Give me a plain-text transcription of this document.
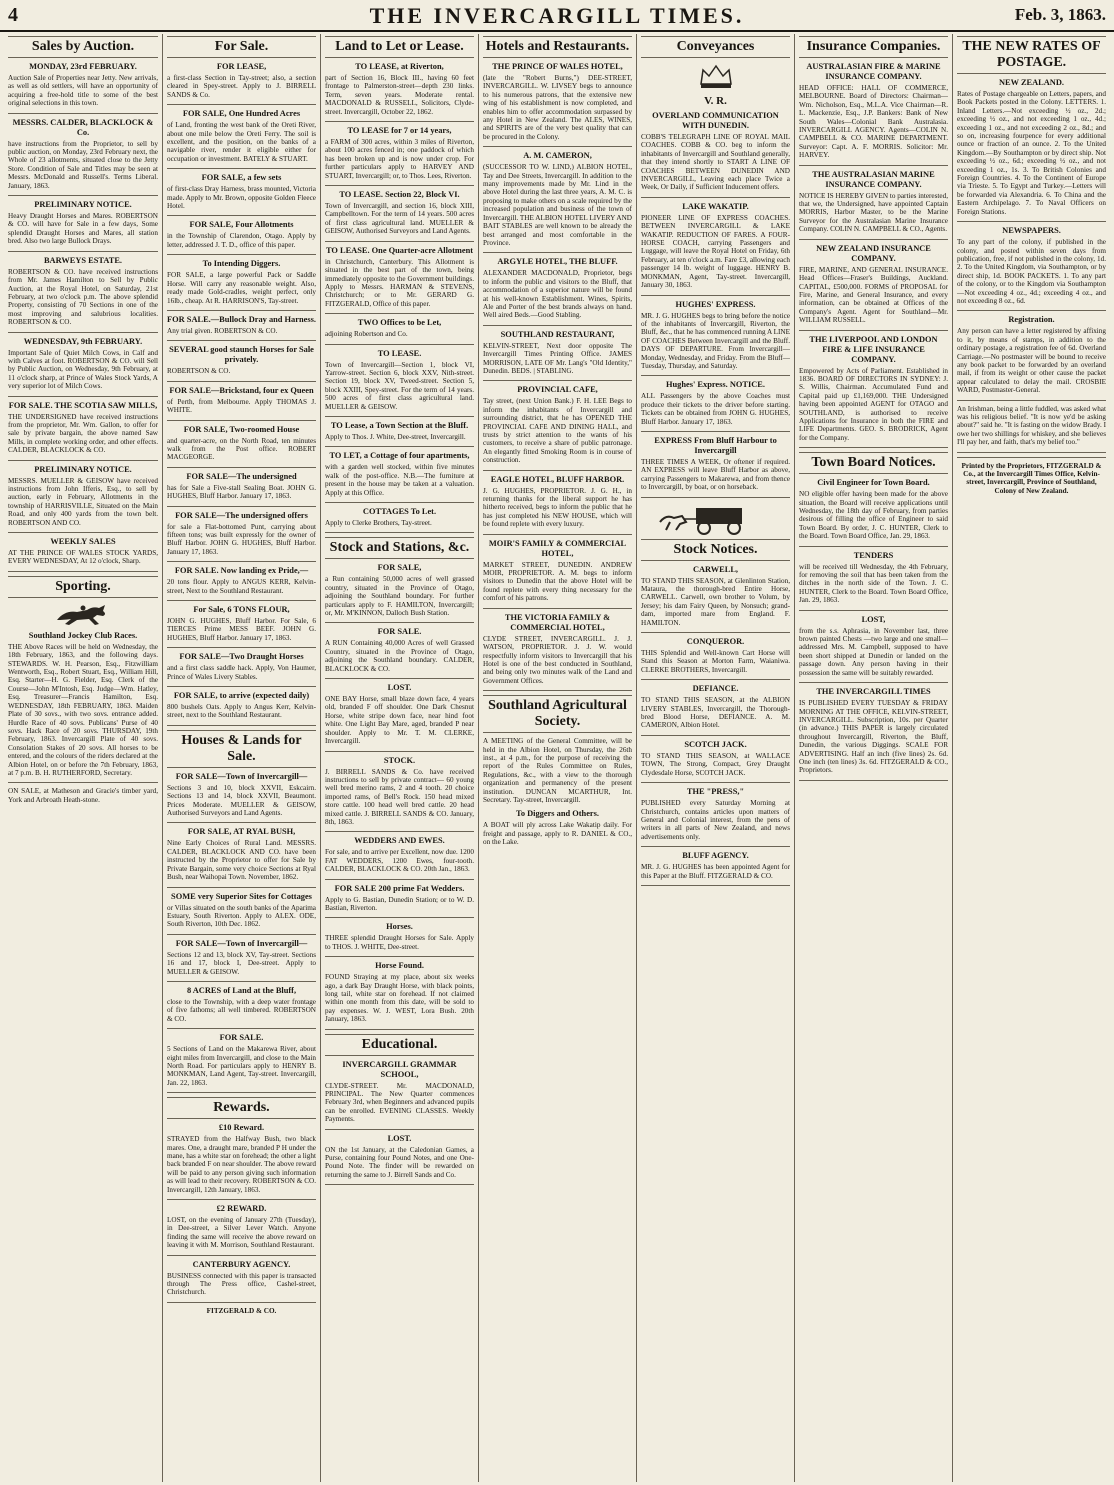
4	THE INVERCARGILL TIMES.	Feb. 3, 1863.
Sales by Auction.
MONDAY, 23rd FEBRUARY.

Auction Sale of Properties near Jetty. New arrivals, as well as old settlers, will have an opportunity of acquiring a free-hold title to some of the best original selections in this town.

MESSRS. CALDER, BLACKLOCK & Co.

have instructions from the Proprietor, to sell by public auction, on Monday, 23rd February next, the Whole of 23 allotments, situated close to the Jetty Store. Condition of Sale and Titles may be seen at Messrs. McDonald and Russell's. Terms Liberal. January, 1863.

PRELIMINARY NOTICE.

Heavy Draught Horses and Mares. ROBERTSON & CO. will have for Sale in a few days, Some splendid Draught Horses and Mares, all station bred. Also two large Bullock Drays.

BARWEYS ESTATE.

ROBERTSON & CO. have received instructions from Mr. James Hamilton to Sell by Public Auction, at the Royal Hotel, on Saturday, 21st February, at two o'clock p.m. The above splendid Property, consisting of 70 Sections in one of the most improving and salubrious localities. ROBERTSON & CO.

WEDNESDAY, 9th FEBRUARY.

Important Sale of Quiet Milch Cows, in Calf and with Calves at foot. ROBERTSON & CO. will Sell by Public Auction, on Wednesday, 9th February, at 11 o'clock sharp, at Prince of Wales Stock Yards, A very superior lot of Milch Cows.

FOR SALE. THE SCOTIA SAW MILLS,

THE UNDERSIGNED have received instructions from the proprietor, Mr. Wm. Gallon, to offer for sale by private bargain, the above named Saw Mills, in complete working order, and other effects. CALDER, BLACKLOCK & CO.

PRELIMINARY NOTICE.

MESSRS. MUELLER & GEISOW have received instructions from John Ifferis, Esq., to sell by auction, early in February, Allotments in the township of HARRISVILLE, Situated on the Main Road, and only 400 yards from the town belt. ROBERTSON AND CO.

WEEKLY SALES

AT THE PRINCE OF WALES STOCK YARDS, EVERY WEDNESDAY, At 12 o'clock, Sharp.

Sporting.
Southland Jockey Club Races.

THE Above Races will be held on Wednesday, the 18th February, 1863, and the following days. STEWARDS. W. H. Pearson, Esq., Fitzwilliam Wentworth, Esq., Robert Stuart, Esq., William Hill, Esq. Starter—H. G. Fielder, Esq. Clerk of the Course—John M'Intosh, Esq. Judge—Wm. Hatley, Esq. Treasurer—Francis Hamilton, Esq. WEDNESDAY, 18th FEBRUARY, 1863. Maiden Plate of 30 sovs., with two sovs. entrance added. Hurdle Race of 40 sovs. Publicans' Purse of 40 sovs. Hack Race of 20 sovs. THURSDAY, 19th February, 1863. Invercargill Plate of 40 sovs. Consolation Stakes of 20 sovs. All horses to be entered, and the colours of the riders declared at the Albion Hotel, on or before the 7th February, 1863, at 7 p.m. B. H. RUTHERFORD, Secretary.

ON SALE, at Matheson and Gracie's timber yard, York and Arbroath Heath-stone.

For Sale.
FOR LEASE,

a first-class Section in Tay-street; also, a section cleared in Spey-street. Apply to J. BIRRELL SANDS & Co.

FOR SALE, One Hundred Acres

of Land, fronting the west bank of the Oreti River, about one mile below the Oreti Ferry. The soil is excellent, and the position, on the banks of a navigable river, render it eligible either for occupation or investment. BATELY & STUART.

FOR SALE, a few sets

of first-class Dray Harness, brass mounted, Victoria made. Apply to Mr. Brown, opposite Golden Fleece Hotel.

FOR SALE, Four Allotments

in the Township of Clarendon, Otago. Apply by letter, addressed J. T. D., office of this paper.

To Intending Diggers.

FOR SALE, a large powerful Pack or Saddle Horse. Will carry any reasonable weight. Also, ready made Gold-cradles, weight perfect, only 16lb., cheap. At R. HARRISON'S, Tay-street.

FOR SALE.—Bullock Dray and Harness.

Any trial given. ROBERTSON & CO.

SEVERAL good staunch Horses for Sale privately.

ROBERTSON & CO.

FOR SALE—Brickstand, four ex Queen

of Perth, from Melbourne. Apply THOMAS J. WHITE.

FOR SALE, Two-roomed House

and quarter-acre, on the North Road, ten minutes walk from the Post office. ROBERT MACGEORGE.

FOR SALE—The undersigned

has for Sale a Five-stall Sealing Boat. JOHN G. HUGHES, Bluff Harbor. January 17, 1863.

FOR SALE—The undersigned offers

for sale a Flat-bottomed Punt, carrying about fifteen tons; was built expressly for the owner of Bluff Harbor. JOHN G. HUGHES, Bluff Harbor. January 17, 1863.

FOR SALE. Now landing ex Pride,—

20 tons flour. Apply to ANGUS KERR, Kelvin-street, Next to the Southland Restaurant.

For Sale, 6 TONS FLOUR,

JOHN G. HUGHES, Bluff Harbor. For Sale, 6 TIERCES Prime MESS BEEF. JOHN G. HUGHES, Bluff Harbor. January 17, 1863.

FOR SALE—Two Draught Horses

and a first class saddle hack. Apply, Von Haumer, Prince of Wales Livery Stables.

FOR SALE, to arrive (expected daily)

800 bushels Oats. Apply to Angus Kerr, Kelvin-street, next to the Southland Restaurant.

Houses & Lands for Sale.
FOR SALE—Town of Invercargill—

Sections 3 and 10, block XXVII, Eskcairn. Sections 13 and 14, block XXVII, Beaumont. Prices Moderate. MUELLER & GEISOW, Authorised Surveyors and Land Agents.

FOR SALE, AT RYAL BUSH,

Nine Early Choices of Rural Land. MESSRS. CALDER, BLACKLOCK AND CO. have been instructed by the Proprietor to offer for Sale by Private Bargain, some very choice Sections at Ryal Bush, near Waihopai Town. November, 1862.

SOME very Superior Sites for Cottages

or Villas situated on the south banks of the Aparima Estuary, South Riverton. Apply to ALEX. ODE, South Riverton, 10th Dec. 1862.

FOR SALE—Town of Invercargill—

Sections 12 and 13, block XV, Tay-street. Sections 16 and 17, block I, Dee-street. Apply to MUELLER & GEISOW.

8 ACRES of Land at the Bluff,

close to the Township, with a deep water frontage of five fathoms; all well timbered. ROBERTSON & CO.

FOR SALE.

5 Sections of Land on the Makarewa River, about eight miles from Invercargill, and close to the Main North Road. For particulars apply to HENRY B. MONKMAN, Land Agent, Tay-street. Invercargill, Jan. 22, 1863.

Rewards.
£10 Reward.

STRAYED from the Halfway Bush, two black mares. One, a draught mare, branded P H under the mane, has a white star on forehead; the other a light back branded F on near shoulder. The above reward will be paid to any person giving such information as will lead to their recovery. ROBERTSON & CO. Invercargill, 12th January, 1863.

£2 REWARD.

LOST, on the evening of January 27th (Tuesday), in Dee-street, a Silver Lever Watch. Anyone finding the same will receive the above reward on leaving it with M. Morrison, Southland Restaurant.

CANTERBURY AGENCY.

BUSINESS connected with this paper is transacted through The Press office, Cashel-street, Christchurch.

FITZGERALD & CO.
Land to Let or Lease.
TO LEASE, at Riverton,

part of Section 16, Block III., having 60 feet frontage to Palmerston-street—depth 230 links. Term, seven years. Moderate rental. MACDONALD & RUSSELL, Solicitors, Clyde-street. Invercargill, October 22, 1862.

TO LEASE for 7 or 14 years,

a FARM of 300 acres, within 3 miles of Riverton, about 100 acres fenced in; one paddock of which has been broken up and is now under crop. For further particulars apply to HARVEY AND STUART, Invercargill; or, to Thos. Lees, Riverton.

TO LEASE. Section 22, Block VI.

Town of Invercargill, and section 16, block XIII, Campbelltown. For the term of 14 years. 500 acres of first class agricultural land. MUELLER & GEISOW, Authorised Surveyors and Land Agents.

TO LEASE. One Quarter-acre Allotment

in Christchurch, Canterbury. This Allotment is situated in the best part of the town, being immediately opposite to the Government buildings. Apply to Messrs. HARMAN & STEVENS, Christchurch; or to Mr. GERARD G. FITZGERALD, Office of this paper.

TWO Offices to be Let,

adjoining Robertson and Co.

TO LEASE.

Town of Invercargill—Section 1, block VI, Yarrow-street. Section 6, block XXV, Nith-street. Section 19, block XV, Tweed-street. Section 5, block XXIII, Spey-street. For the term of 14 years. 500 acres of first class agricultural land. MUELLER & GEISOW.

TO Lease, a Town Section at the Bluff.

Apply to Thos. J. White, Dee-street, Invercargill.

TO LET, a Cottage of four apartments,

with a garden well stocked, within five minutes walk of the post-office. N.B.—The furniture at present in the house may be taken at a valuation. Apply at this Office.

COTTAGES To Let.

Apply to Clerke Brothers, Tay-street.

Stock and Stations, &c.
FOR SALE,

a Run containing 50,000 acres of well grassed country, situated in the Province of Otago, adjoining the Southland boundary. For further particulars apply to F. HAMILTON, Invercargill; or, Mr. M'KINNON, Dalloch Bush Station.

FOR SALE.

A RUN Containing 40,000 Acres of well Grassed Country, situated in the Province of Otago, adjoining the Southland boundary. CALDER, BLACKLOCK & CO.

LOST.

ONE BAY Horse, small blaze down face, 4 years old, branded F off shoulder. One Dark Chesnut Horse, white stripe down face, near hind foot white. One Light Bay Mare, aged, branded P near shoulder. Apply to Mr. T. M. CLERKE, Invercargill.

STOCK.

J. BIRRELL SANDS & Co. have received instructions to sell by private contract— 60 young well bred merino rams, 2 and 4 tooth. 20 choice imported rams, of Bell's Rock. 150 head mixed store cattle. 100 head well bred cattle. 20 head mixed cattle. J. BIRRELL SANDS & CO. January, 8th, 1863.

WEDDERS AND EWES.

For sale, and to arrive per Excellent, now due. 1200 FAT WEDDERS, 1200 Ewes, four-tooth. CALDER, BLACKLOCK & CO. 20th Jan., 1863.

FOR SALE 200 prime Fat Wedders.

Apply to G. Bastian, Dunedin Station; or to W. D. Bastian, Riverton.

Horses.

THREE splendid Draught Horses for Sale. Apply to THOS. J. WHITE, Dee-street.

Horse Found.

FOUND Straying at my place, about six weeks ago, a dark Bay Draught Horse, with black points, long tail, white star on forehead. If not claimed within one month from this date, will be sold to pay expenses. W. J. WEST, Lora Bush. 20th January, 1863.

Educational.
INVERCARGILL GRAMMAR SCHOOL,

CLYDE-STREET. Mr. MACDONALD, PRINCIPAL. The New Quarter commences February 3rd, when Beginners and advanced pupils can be enrolled. EVENING CLASSES. Weekly Payments.

LOST.

ON the 1st January, at the Caledonian Games, a Purse, containing four Pound Notes, and one One-Pound Note. The finder will be rewarded on returning the same to J. Birrell Sands and Co.

Hotels and Restaurants.
THE PRINCE OF WALES HOTEL,

(late the "Robert Burns,") DEE-STREET, INVERCARGILL. W. LIVSEY begs to announce to his numerous patrons, that the extensive new wing of his establishment is now completed, and enables him to offer accommodation surpassed by any Hotel in New Zealand. The ALES, WINES, and SPIRITS are of the very best quality that can be procured in the Colony.

A. M. CAMERON,

(SUCCESSOR TO W. LIND,) ALBION HOTEL, Tay and Dee Streets, Invercargill. In addition to the many improvements made by Mr. Lind in the above Hotel during the last three years, A. M. C. is proposing to make others on a scale required by the increased population and business of the town of Invercargill. THE ALBION HOTEL LIVERY AND BAIT STABLES are well known to be already the best arranged and most comfortable in the Province.

ARGYLE HOTEL, THE BLUFF.

ALEXANDER MACDONALD, Proprietor, begs to inform the public and visitors to the Bluff, that accommodation of a superior nature will be found at his well-known Establishment. Wines, Spirits, Ale and Porter of the best brands always on hand. Well aired Beds.—Good Stabling.

SOUTHLAND RESTAURANT,

KELVIN-STREET, Next door opposite The Invercargill Times Printing Office. JAMES MORRISON, LATE OF Mr. Lang's "Old Identity," Dunedin. BEDS. | STABLING.

PROVINCIAL CAFE,

Tay street, (next Union Bank.) F. H. LEE Begs to inform the inhabitants of Invercargill and surrounding district, that he has OPENED THE PROVINCIAL CAFE AND DINING HALL, and trusts by strict attention to the wants of his customers, to receive a share of public patronage. An elegantly fitted Smoking Room is in course of construction.

EAGLE HOTEL, BLUFF HARBOR.

J. G. HUGHES, PROPRIETOR. J. G. H., in returning thanks for the liberal support he has hitherto received, begs to inform the public that he has just completed his NEW HOUSE, which will be found replete with every luxury.

MOIR'S FAMILY & COMMERCIAL HOTEL,

MARKET STREET, DUNEDIN. ANDREW MOIR, PROPRIETOR. A. M. begs to inform visitors to Dunedin that the above Hotel will be found replete with every thing necessary for the comfort of his patrons.

THE VICTORIA FAMILY & COMMERCIAL HOTEL,

CLYDE STREET, INVERCARGILL. J. J. WATSON, PROPRIETOR. J. J. W. would respectfully inform visitors to Invercargill that his Hotel is one of the best conducted in Southland, and being only two minutes walk of the Land and Government Offices.

Southland Agricultural Society.

A MEETING of the General Committee, will be held in the Albion Hotel, on Thursday, the 26th inst., at 4 p.m., for the purpose of receiving the report of the Rules Committee on Rules, Regulations, &c., with a view to the thorough organization and permanency of the present institution. DUNCAN MCARTHUR, Int. Secretary. Tay-street, Invercargill.

To Diggers and Others.

A BOAT will ply across Lake Wakatip daily. For freight and passage, apply to R. DANIEL & CO., on the Lake.

Conveyances
V. R.
OVERLAND COMMUNICATION WITH DUNEDIN.

COBB'S TELEGRAPH LINE OF ROYAL MAIL COACHES. COBB & CO. beg to inform the inhabitants of Invercargill and Southland generally, that they intend shortly to START A LINE OF COACHES BETWEEN DUNEDIN AND INVERCARGILL, Leaving each place Twice a Week, Or Daily, if Sufficient Inducement offers.

LAKE WAKATIP.

PIONEER LINE OF EXPRESS COACHES. BETWEEN INVERCARGILL & LAKE WAKATIP. REDUCTION OF FARES. A FOUR-HORSE COACH, carrying Passengers and Luggage, will leave the Royal Hotel on Friday, 6th February, at ten o'clock a.m. Fare £3, allowing each passenger 14 lb. weight of luggage. HENRY B. MONKMAN, Agent, Tay-street. Invercargill, January 30, 1863.

HUGHES' EXPRESS.

MR. J. G. HUGHES begs to bring before the notice of the inhabitants of Invercargill, Riverton, the Bluff, &c., that he has commenced running A LINE OF COACHES Between Invercargill and the Bluff. DAYS OF DEPARTURE. From Invercargill—Monday, Wednesday, and Friday. From the Bluff—Tuesday, Thursday, and Saturday.

Hughes' Express. NOTICE.

ALL Passengers by the above Coaches must produce their tickets to the driver before starting. Tickets can be obtained from JOHN G. HUGHES, Bluff Harbor. January 17, 1863.

EXPRESS From Bluff Harbour to Invercargill

THREE TIMES A WEEK, Or oftener if required. AN EXPRESS will leave Bluff Harbor as above, carrying Passengers to Makarewa, and from thence to Invercargill, by boat, or on horseback.

Stock Notices.
CARWELL,

TO STAND THIS SEASON, at Glenlinton Station, Mataura, the thorough-bred Entire Horse, CARWELL. Carwell, own brother to Volum, by Jersey; his dam Fairy Queen, by Nonsuch; grand-dam, imported mare from England. F. HAMILTON.

CONQUEROR.

THIS Splendid and Well-known Cart Horse will Stand this Season at Morton Farm, Waianiwa. CLERKE BROTHERS, Invercargill.

DEFIANCE.

TO STAND THIS SEASON, at the ALBION LIVERY STABLES, Invercargill, the Thorough-bred Blood Horse, DEFIANCE. A. M. CAMERON, Albion Hotel.

SCOTCH JACK.

TO STAND THIS SEASON, at WALLACE TOWN, The Strong, Compact, Grey Draught Clydesdale Horse, SCOTCH JACK.

THE "PRESS,"

PUBLISHED every Saturday Morning at Christchurch, contains articles upon matters of General and Colonial interest, from the pens of writers in all parts of New Zealand, and news advertisements only.

BLUFF AGENCY.

MR. J. G. HUGHES has been appointed Agent for this Paper at the Bluff. FITZGERALD & CO.

Insurance Companies.
AUSTRALASIAN FIRE & MARINE INSURANCE COMPANY.

HEAD OFFICE: HALL OF COMMERCE, MELBOURNE. Board of Directors: Chairman—Wm. Nicholson, Esq., M.L.A. Vice Chairman—R. L. Mackenzie, Esq., J.P. Bankers: Bank of New South Wales—Colonial Bank Australasia. INVERCARGILL AGENCY. Agents—COLIN N. CAMPBELL & CO. MARINE DEPARTMENT. Surveyor: Capt. A. F. MORRIS. Solicitor: Mr. HARVEY.

THE AUSTRALASIAN MARINE INSURANCE COMPANY.

NOTICE IS HEREBY GIVEN to parties interested, that we, the Undersigned, have appointed Captain MORRIS, Harbor Master, to be the Marine Surveyor for the Australasian Marine Insurance Company. COLIN N. CAMPBELL & CO., Agents.

NEW ZEALAND INSURANCE COMPANY.

FIRE, MARINE, AND GENERAL INSURANCE. Head Offices—Fraser's Buildings, Auckland. CAPITAL, £500,000. FORMS of PROPOSAL for Fire, Marine, and General Insurance, and every information, can be obtained at Offices of the Company's Agent. Agent for Southland—Mr. WILLIAM RUSSELL.

THE LIVERPOOL AND LONDON FIRE & LIFE INSURANCE COMPANY.

Empowered by Acts of Parliament. Established in 1836. BOARD OF DIRECTORS IN SYDNEY: J. S. Willis, Chairman. Accumulated Fund and Capital paid up £1,169,000. THE Undersigned having been appointed AGENT for OTAGO and SOUTHLAND, is authorised to receive Applications for Insurance in both the FIRE and LIFE Departments. GEO. S. BRODRICK, Agent for the Company.

Town Board Notices.
Civil Engineer for Town Board.

NO eligible offer having been made for the above situation, the Board will receive applications until Wednesday, the 18th day of February, from parties desirous of filling the office of Engineer to said Town Board. By order, J. C. HUNTER, Clerk to the Board. Town Board Office, Jan. 29, 1863.

TENDERS

will be received till Wednesday, the 4th February, for removing the soil that has been taken from the ditches in the north side of the Town. J. C. HUNTER, Clerk to the Board. Town Board Office, Jan. 29, 1863.

LOST,

from the s.s. Aphrasia, in November last, three brown painted Chests —two large and one small—addressed Mrs. M. Campbell, supposed to have been short shipped at Dunedin or landed on the passage down. Any person having in their possession the same will be suitably rewarded.

THE INVERCARGILL TIMES

IS PUBLISHED EVERY TUESDAY & FRIDAY MORNING AT THE OFFICE, KELVIN-STREET, INVERCARGILL. Subscription, 10s. per Quarter (in advance.) THIS PAPER is largely circulated throughout Invercargill, Riverton, the Bluff, Dunedin, the various Diggings. SCALE FOR ADVERTISING. Half an inch (five lines) 2s. 6d. One inch (ten lines) 3s. 6d. FITZGERALD & CO., Proprietors.

THE NEW RATES OF POSTAGE.
NEW ZEALAND.

Rates of Postage chargeable on Letters, papers, and Book Packets posted in the Colony. LETTERS. 1. Inland Letters.—Not exceeding ½ oz., 2d.; exceeding ½ oz., and not exceeding 1 oz., 4d.; exceeding 1 oz., and not exceeding 2 oz., 8d.; and so on, increasing fourpence for every additional ounce or fraction of an ounce. 2. To the United Kingdom.—By Southampton or by direct ship. Not exceeding ½ oz., 6d.; exceeding ½ oz., and not exceeding 1 oz., 1s. 3. To British Colonies and Foreign Countries. 4. To the Continent of Europe via Trieste. 5. To Egypt and Turkey.—Letters will be forwarded via Alexandria. 6. To China and the Eastern Archipelago. 7. To Naval Officers on Foreign Stations.

NEWSPAPERS.

To any part of the colony, if published in the colony, and posted within seven days from publication, free, if not published in the colony, 1d. 2. To the United Kingdom, via Southampton, or by direct ship, 1d. BOOK PACKETS. 1. To any part of the colony, or to the Kingdom via Southampton—Not exceeding 4 oz., 4d.; exceeding 4 oz., and not exceeding 8 oz., 6d.

Registration.

Any person can have a letter registered by affixing to it, by means of stamps, in addition to the ordinary postage, a registration fee of 6d. Overland Carriage.—No postmaster will be bound to receive any book packet to be forwarded by an overland mail, if from its weight or other cause the packet appear calculated to delay the mail. CROSBIE WARD, Postmaster-General.

An Irishman, being a little fuddled, was asked what was his religious belief. "It is now ye'd be asking about?" said he. "It is fasting on the widow Brady. I owe her two shillings for whiskey, and she believes I'll pay her, and faith, that's my belief too."

Printed by the Proprietors, FITZGERALD & Co., at the Invercargill Times Office, Kelvin-street, Invercargill, Province of Southland, Colony of New Zealand.
